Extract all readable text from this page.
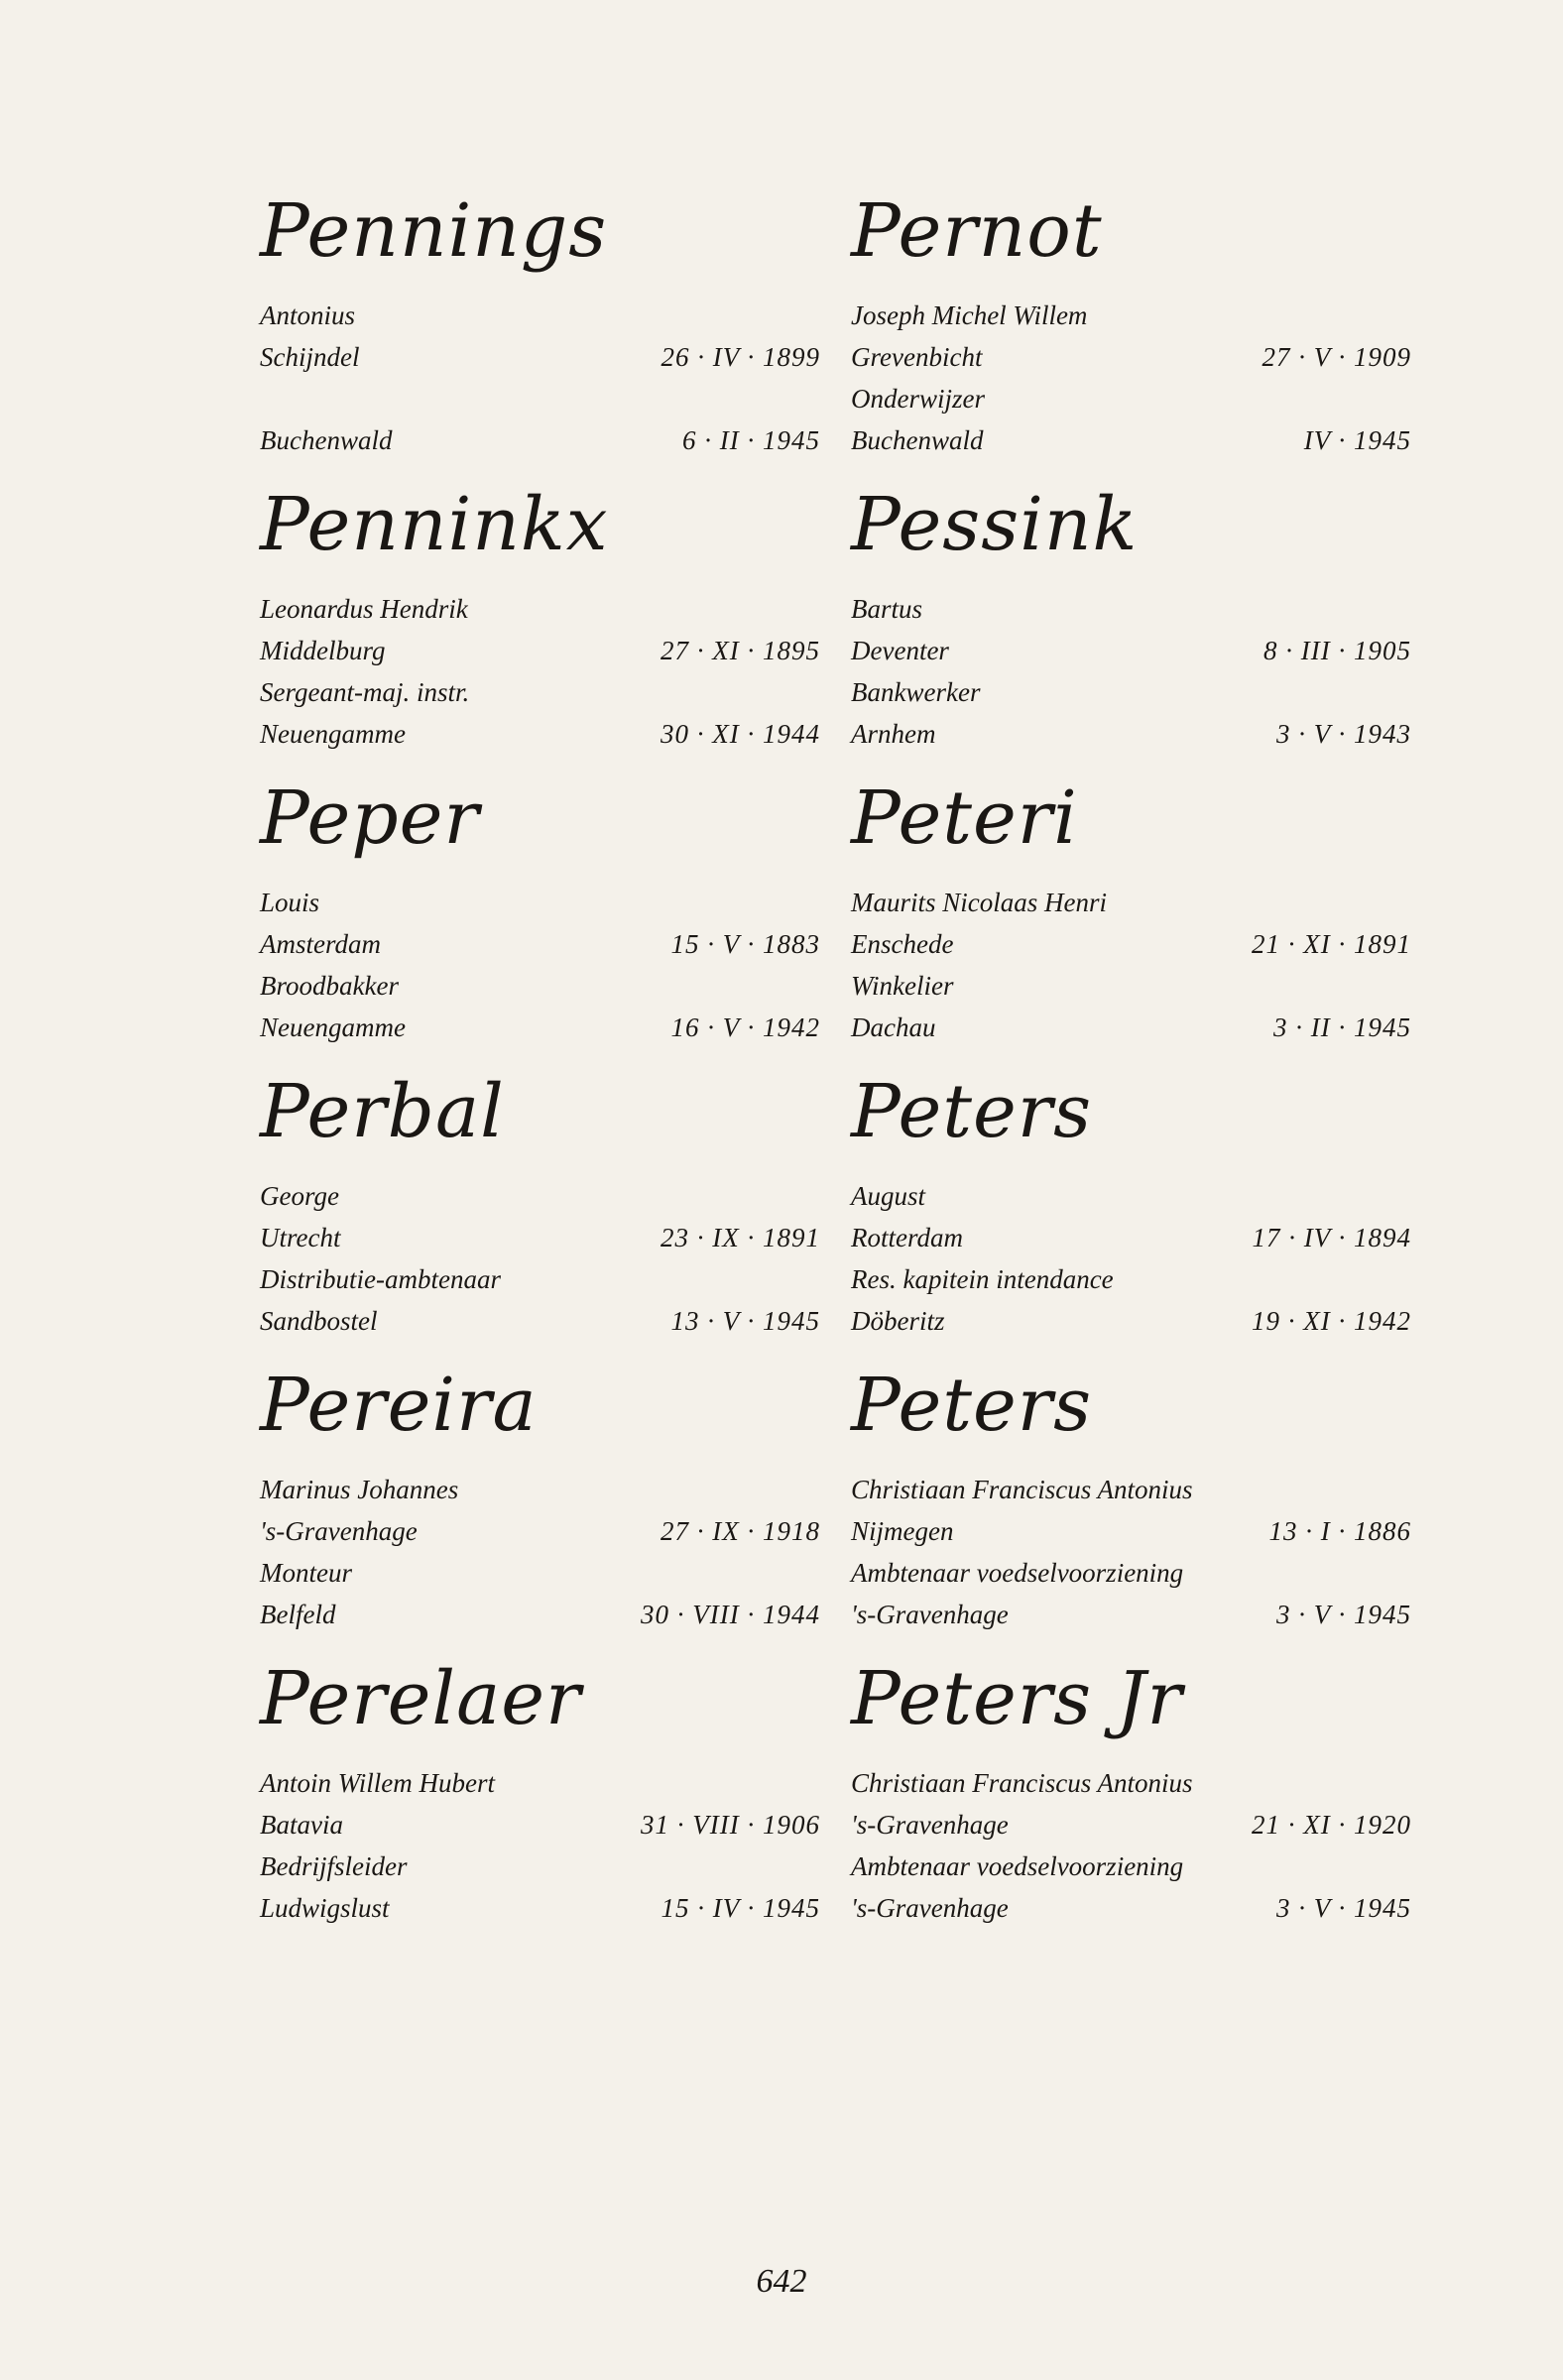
Pennings
Antonius
Schijndel	26 · IV · 1899
Buchenwald	6 · II · 1945
Penninkx
Leonardus Hendrik
Middelburg	27 · XI · 1895
Sergeant-maj. instr.
Neuengamme	30 · XI · 1944
Peper
Louis
Amsterdam	15 · V · 1883
Broodbakker
Neuengamme	16 · V · 1942
Perbal
George
Utrecht	23 · IX · 1891
Distributie-ambtenaar
Sandbostel	13 · V · 1945
Pereira
Marinus Johannes
's-Gravenhage	27 · IX · 1918
Monteur
Belfeld	30 · VIII · 1944
Perelaer
Antoin Willem Hubert
Batavia	31 · VIII · 1906
Bedrijfsleider
Ludwigslust	15 · IV · 1945
Pernot
Joseph Michel Willem
Grevenbicht	27 · V · 1909
Onderwijzer
Buchenwald	IV · 1945
Pessink
Bartus
Deventer	8 · III · 1905
Bankwerker
Arnhem	3 · V · 1943
Peteri
Maurits Nicolaas Henri
Enschede	21 · XI · 1891
Winkelier
Dachau	3 · II · 1945
Peters
August
Rotterdam	17 · IV · 1894
Res. kapitein intendance
Döberitz	19 · XI · 1942
Peters
Christiaan Franciscus Antonius
Nijmegen	13 · I · 1886
Ambtenaar voedselvoorziening
's-Gravenhage	3 · V · 1945
Peters Jr
Christiaan Franciscus Antonius
's-Gravenhage	21 · XI · 1920
Ambtenaar voedselvoorziening
's-Gravenhage	3 · V · 1945
642
